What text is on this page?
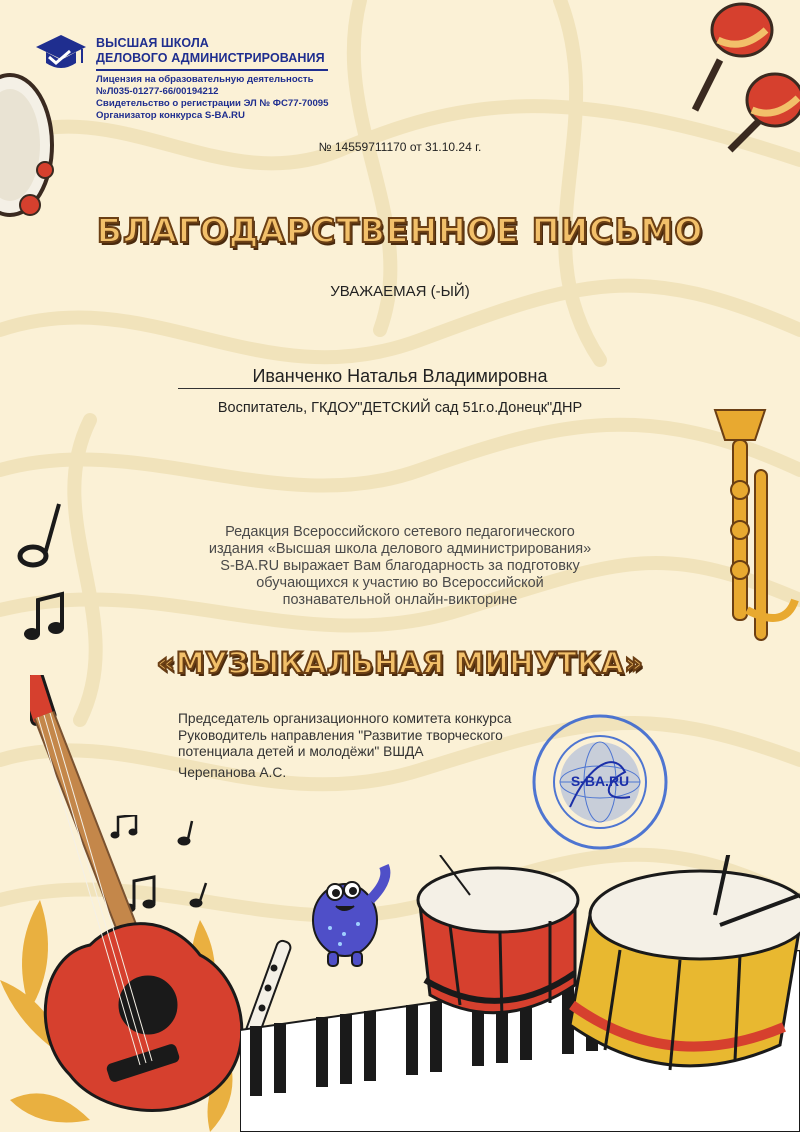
ВЫСШАЯ ШКОЛА
ДЕЛОВОГО АДМИНИСТРИРОВАНИЯ
Лицензия на образовательную деятельность
№Л035-01277-66/00194212
Свидетельство о регистрации ЭЛ № ФС77-70095
Организатор конкурса S-BA.RU
№ 14559711170 от 31.10.24 г.
БЛАГОДАРСТВЕННОЕ ПИСЬМО
УВАЖАЕМАЯ (-ЫЙ)
Иванченко Наталья Владимировна
Воспитатель, ГКДОУ"ДЕТСКИЙ сад 51г.о.Донецк"ДНР
Редакция Всероссийского сетевого педагогического
издания «Высшая школа делового администрирования»
S-BA.RU выражает Вам благодарность за подготовку
обучающихся к участию во Всероссийской
познавательной онлайн-викторине
«МУЗЫКАЛЬНАЯ МИНУТКА»
Председатель организационного комитета конкурса
Руководитель направления "Развитие творческого
потенциала детей и молодёжи" ВШДА
Черепанова А.С.
S-BA.RU
